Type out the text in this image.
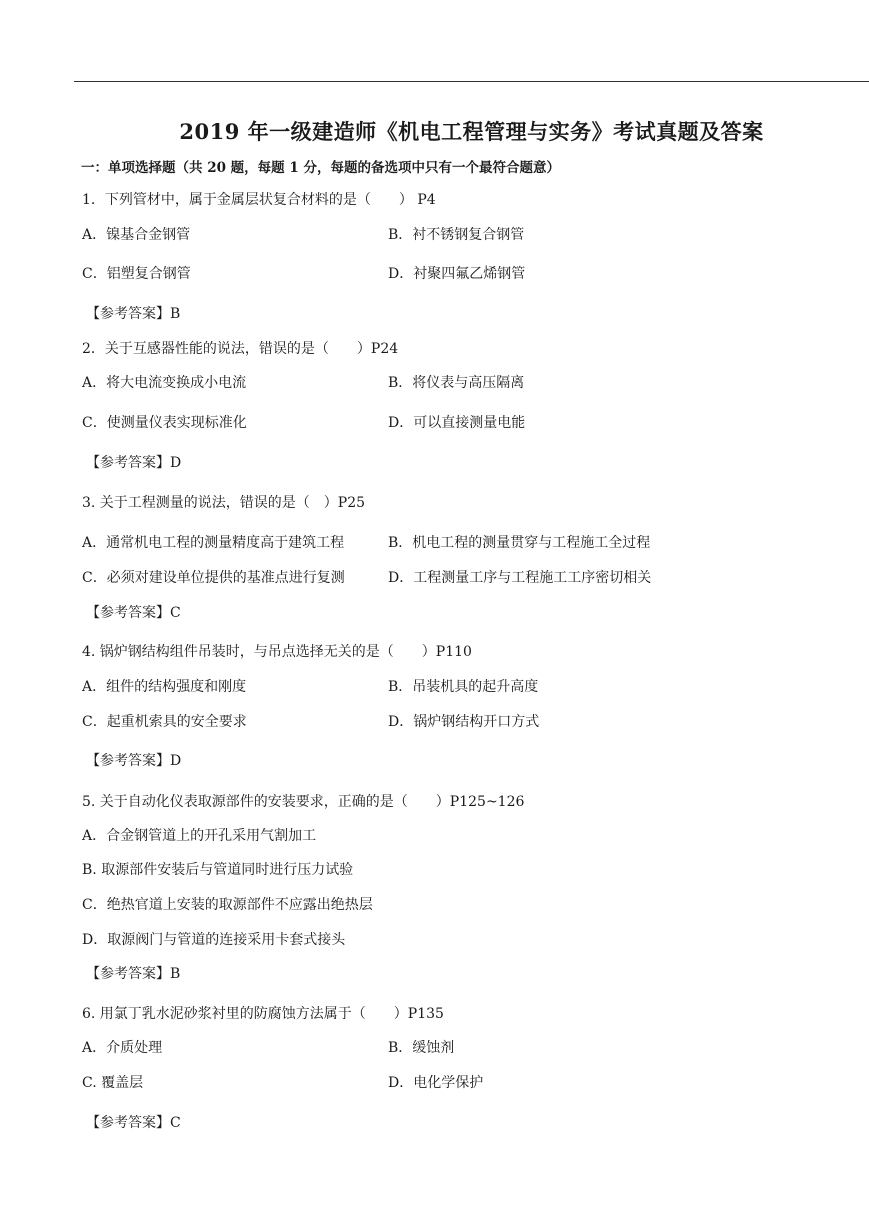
2019 年一级建造师《机电工程管理与实务》考试真题及答案
一：单项选择题（共 20 题，每题 1 分，每题的备选项中只有一个最符合题意）
1．下列管材中，属于金属层状复合材料的是（　　） P4
A．镍基合金钢管	B．衬不锈钢复合钢管
C．铝塑复合钢管	D．衬聚四氟乙烯钢管
【参考答案】B
2．关于互感器性能的说法，错误的是（　　）P24
A．将大电流变换成小电流	B．将仪表与高压隔离
C．使测量仪表实现标准化	D．可以直接测量电能
【参考答案】D
3. 关于工程测量的说法，错误的是（　）P25
A．通常机电工程的测量精度高于建筑工程	B．机电工程的测量贯穿与工程施工全过程
C．必须对建设单位提供的基准点进行复测	D．工程测量工序与工程施工工序密切相关
【参考答案】C
4. 锅炉钢结构组件吊装时，与吊点选择无关的是（　　）P110
A．组件的结构强度和刚度	B．吊装机具的起升高度
C．起重机索具的安全要求	D．锅炉钢结构开口方式
【参考答案】D
5. 关于自动化仪表取源部件的安装要求，正确的是（　　）P125~126
A．合金钢管道上的开孔采用气割加工
B. 取源部件安装后与管道同时进行压力试验
C．绝热官道上安装的取源部件不应露出绝热层
D．取源阀门与管道的连接采用卡套式接头
【参考答案】B
6. 用氯丁乳水泥砂浆衬里的防腐蚀方法属于（　　）P135
A．介质处理	B．缓蚀剂
C. 覆盖层	D．电化学保护
【参考答案】C
